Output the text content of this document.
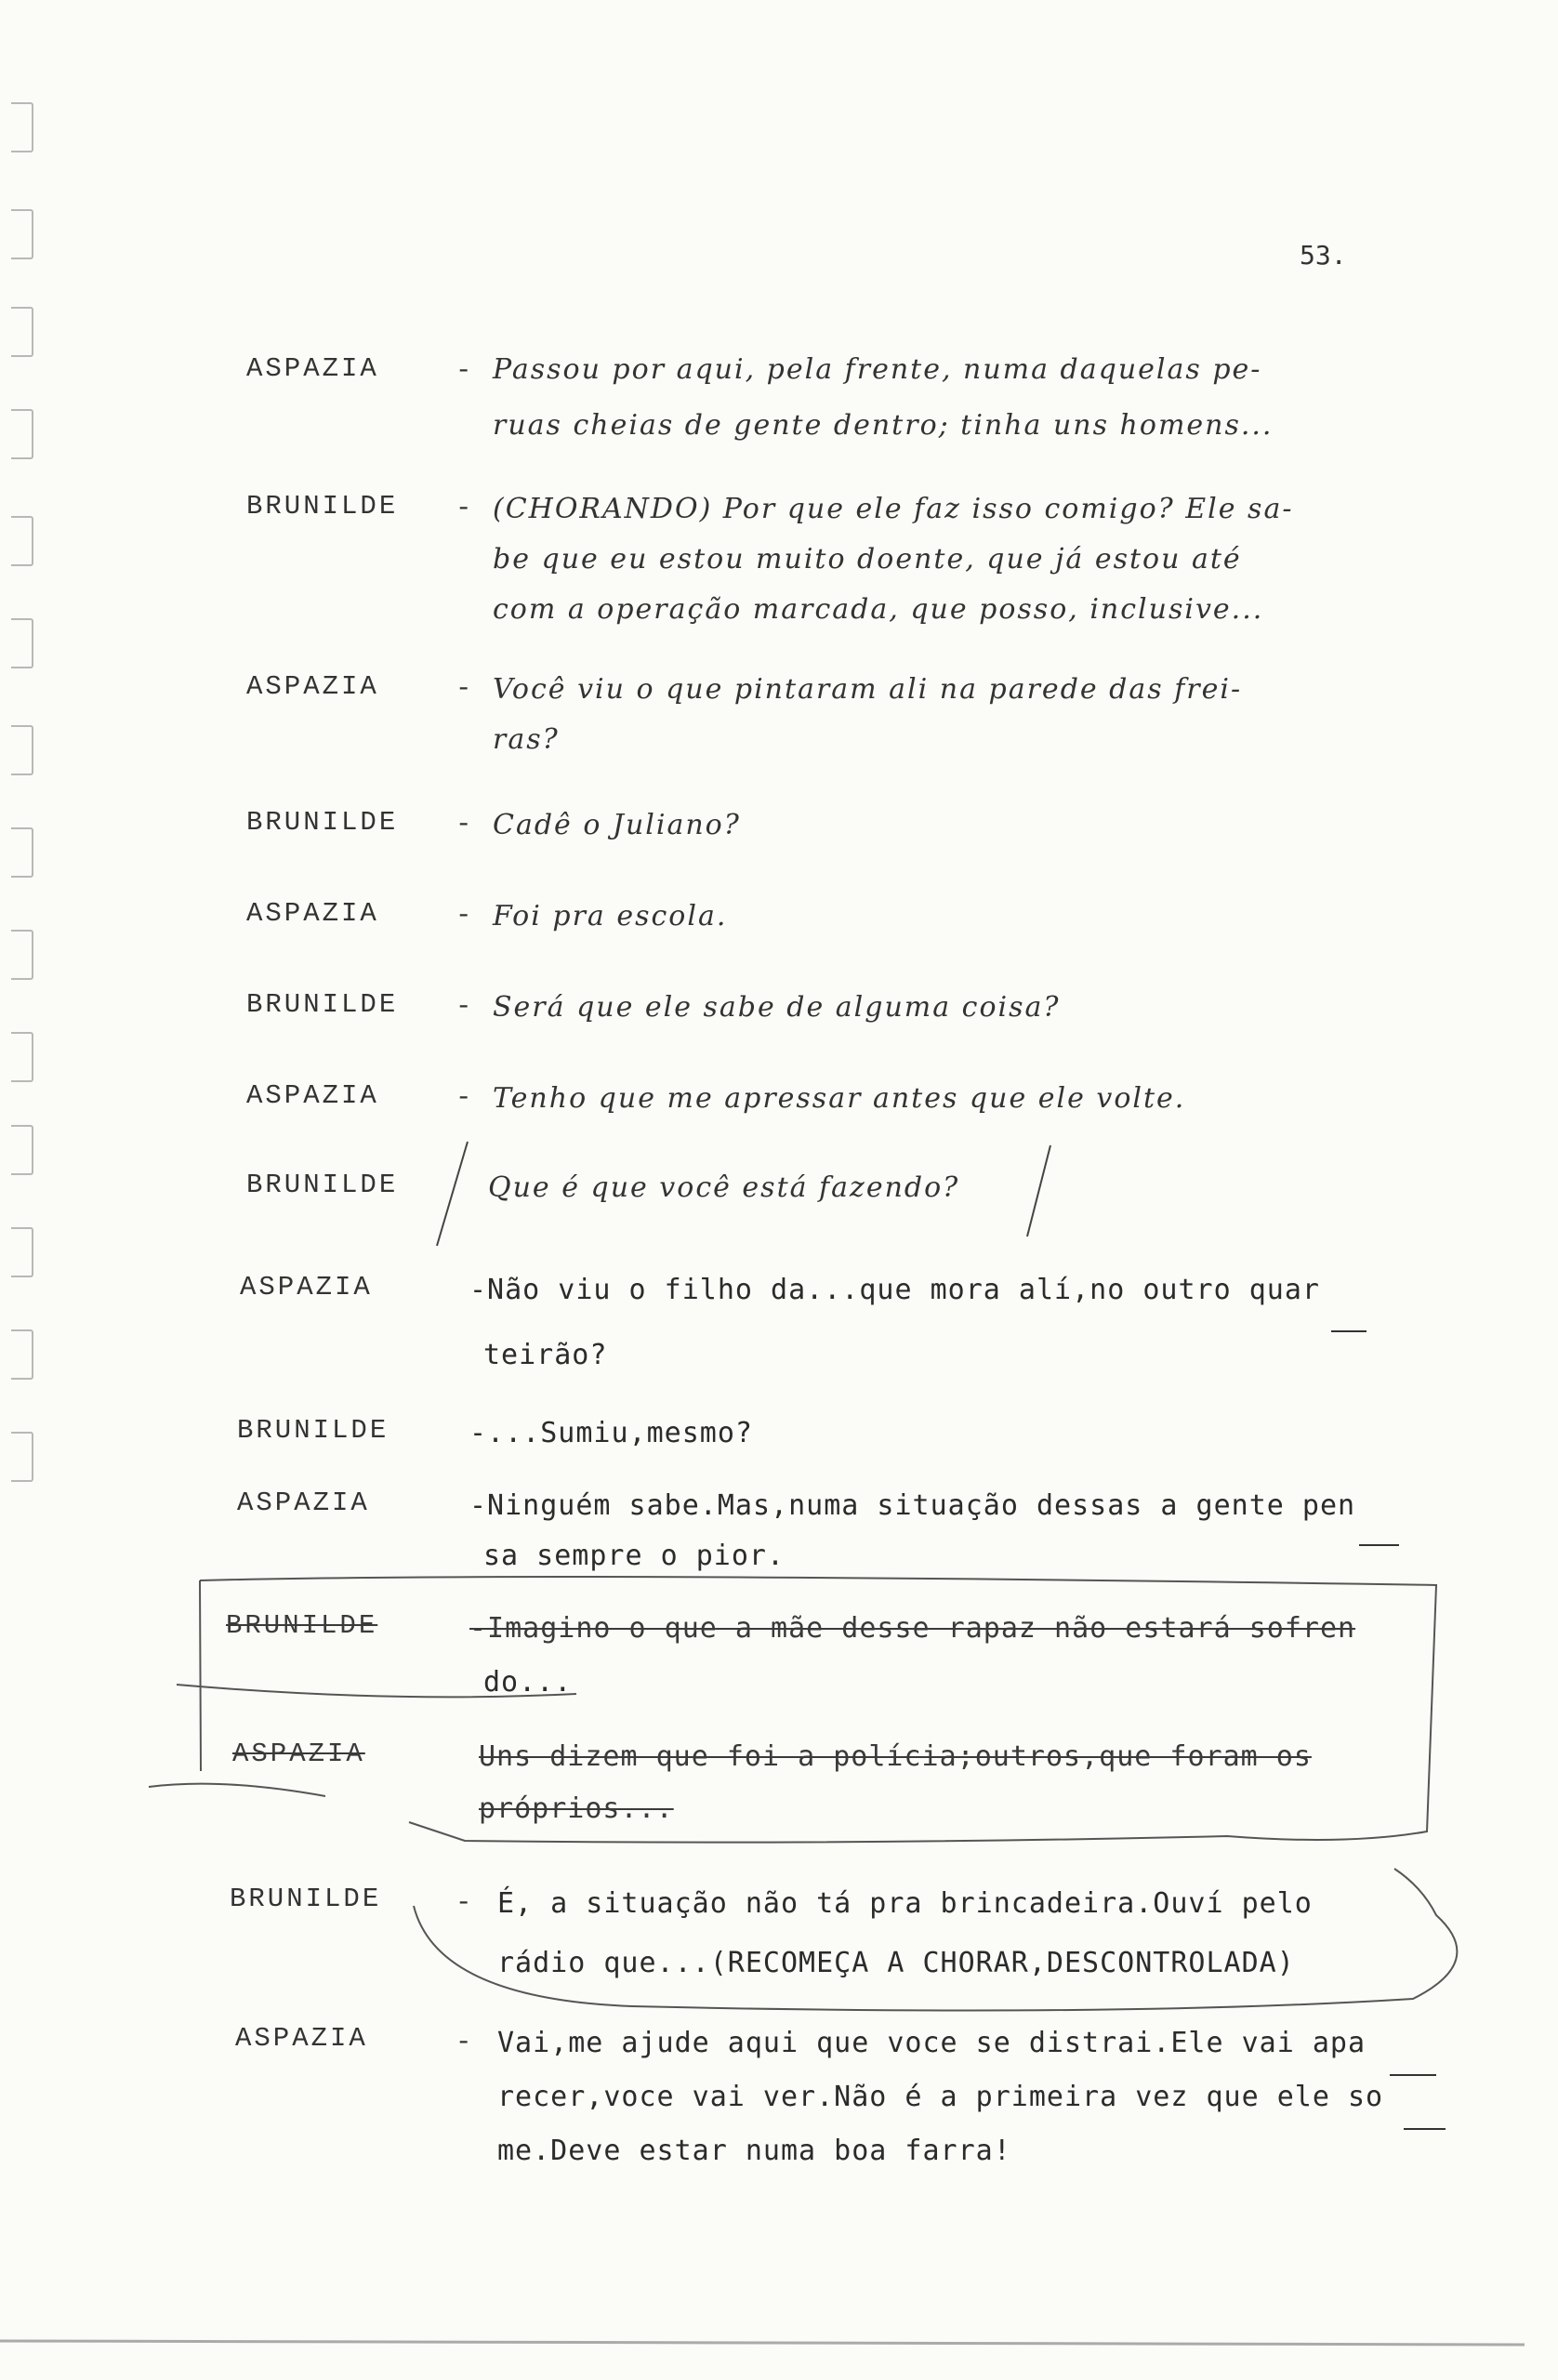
53.
ASPAZIA	- Passou por aqui, pela frente, numa daquelas pe-
ruas cheias de gente dentro; tinha uns homens...
BRUNILDE - (CHORANDO) Por que ele faz isso comigo? Ele sa-
be que eu estou muito doente, que já estou até
com a operação marcada, que posso, inclusive...
ASPAZIA	- Você viu o que pintaram ali na parede das frei-
ras?
BRUNILDE - Cadê o Juliano?
ASPAZIA	- Foi pra escola.
BRUNILDE - Será que ele sabe de alguma coisa?
ASPAZIA	- Tenho que me apressar antes que ele volte.
BRUNILDE	Que é que você está fazendo?
ASPAZIA	-Não viu o filho da...que mora alí,no outro quar
teirão?
BRUNILDE	-...Sumiu,mesmo?
ASPAZIA	-Ninguém sabe.Mas,numa situação dessas a gente pen
sa sempre o pior.
BRUNILDE	-Imagino o que a mãe desse rapaz não estará sofren
do...
ASPAZIA	Uns dizem que foi a polícia;outros,que foram os
próprios...
BRUNILDE	- É, a situação não tá pra brincadeira.Ouví pelo
rádio que...(RECOMEÇA A CHORAR,DESCONTROLADA)
ASPAZIA	- Vai,me ajude aqui que voce se distrai.Ele vai apa
recer,voce vai ver.Não é a primeira vez que ele so
me.Deve estar numa boa farra!
